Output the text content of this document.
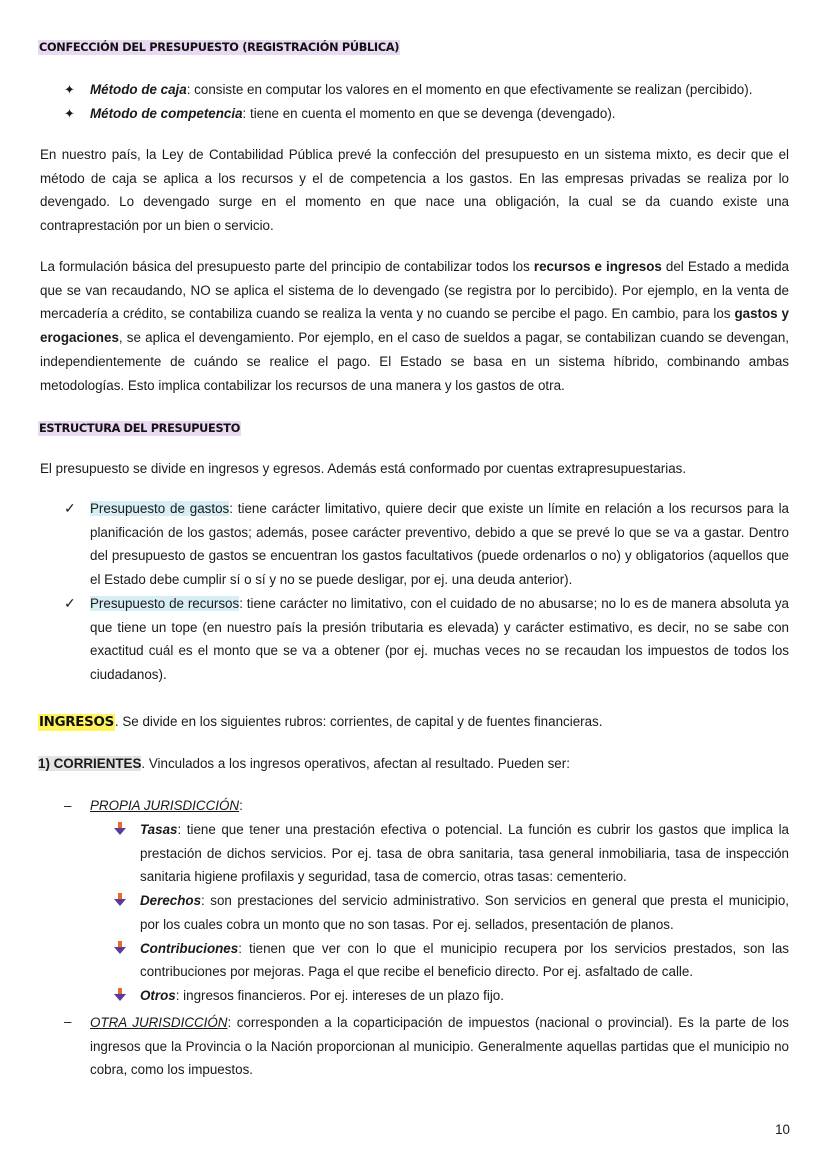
CONFECCIÓN DEL PRESUPUESTO (REGISTRACIÓN PÚBLICA)
✦ Método de caja: consiste en computar los valores en el momento en que efectivamente se realizan (percibido).
✦ Método de competencia: tiene en cuenta el momento en que se devenga (devengado).

En nuestro país, la Ley de Contabilidad Pública prevé la confección del presupuesto en un sistema mixto, es decir que el método de caja se aplica a los recursos y el de competencia a los gastos. En las empresas privadas se realiza por lo devengado. Lo devengado surge en el momento en que nace una obligación, la cual se da cuando existe una contraprestación por un bien o servicio.

La formulación básica del presupuesto parte del principio de contabilizar todos los recursos e ingresos del Estado a medida que se van recaudando, NO se aplica el sistema de lo devengado (se registra por lo percibido). Por ejemplo, en la venta de mercadería a crédito, se contabiliza cuando se realiza la venta y no cuando se percibe el pago. En cambio, para los gastos y erogaciones, se aplica el devengamiento. Por ejemplo, en el caso de sueldos a pagar, se contabilizan cuando se devengan, independientemente de cuándo se realice el pago. El Estado se basa en un sistema híbrido, combinando ambas metodologías. Esto implica contabilizar los recursos de una manera y los gastos de otra.

ESTRUCTURA DEL PRESUPUESTO

El presupuesto se divide en ingresos y egresos. Además está conformado por cuentas extrapresupuestarias.

✓ Presupuesto de gastos: tiene carácter limitativo, quiere decir que existe un límite en relación a los recursos para la planificación de los gastos; además, posee carácter preventivo, debido a que se prevé lo que se va a gastar. Dentro del presupuesto de gastos se encuentran los gastos facultativos (puede ordenarlos o no) y obligatorios (aquellos que el Estado debe cumplir sí o sí y no se puede desligar, por ej. una deuda anterior).

✓ Presupuesto de recursos: tiene carácter no limitativo, con el cuidado de no abusarse; no lo es de manera absoluta ya que tiene un tope (en nuestro país la presión tributaria es elevada) y carácter estimativo, es decir, no se sabe con exactitud cuál es el monto que se va a obtener (por ej. muchas veces no se recaudan los impuestos de todos los ciudadanos).

INGRESOS. Se divide en los siguientes rubros: corrientes, de capital y de fuentes financieras.
1) CORRIENTES. Vinculados a los ingresos operativos, afectan al resultado. Pueden ser:
– PROPIA JURISDICCIÓN:

Tasas: tiene que tener una prestación efectiva o potencial. La función es cubrir los gastos que implica la prestación de dichos servicios. Por ej. tasa de obra sanitaria, tasa general inmobiliaria, tasa de inspección sanitaria higiene profilaxis y seguridad, tasa de comercio, otras tasas: cementerio.

Derechos: son prestaciones del servicio administrativo. Son servicios en general que presta el municipio, por los cuales cobra un monto que no son tasas. Por ej. sellados, presentación de planos.

Contribuciones: tienen que ver con lo que el municipio recupera por los servicios prestados, son las contribuciones por mejoras. Paga el que recibe el beneficio directo. Por ej. asfaltado de calle.

Otros: ingresos financieros. Por ej. intereses de un plazo fijo.

– OTRA JURISDICCIÓN: corresponden a la coparticipación de impuestos (nacional o provincial). Es la parte de los ingresos que la Provincia o la Nación proporcionan al municipio. Generalmente aquellas partidas que el municipio no cobra, como los impuestos.

10
